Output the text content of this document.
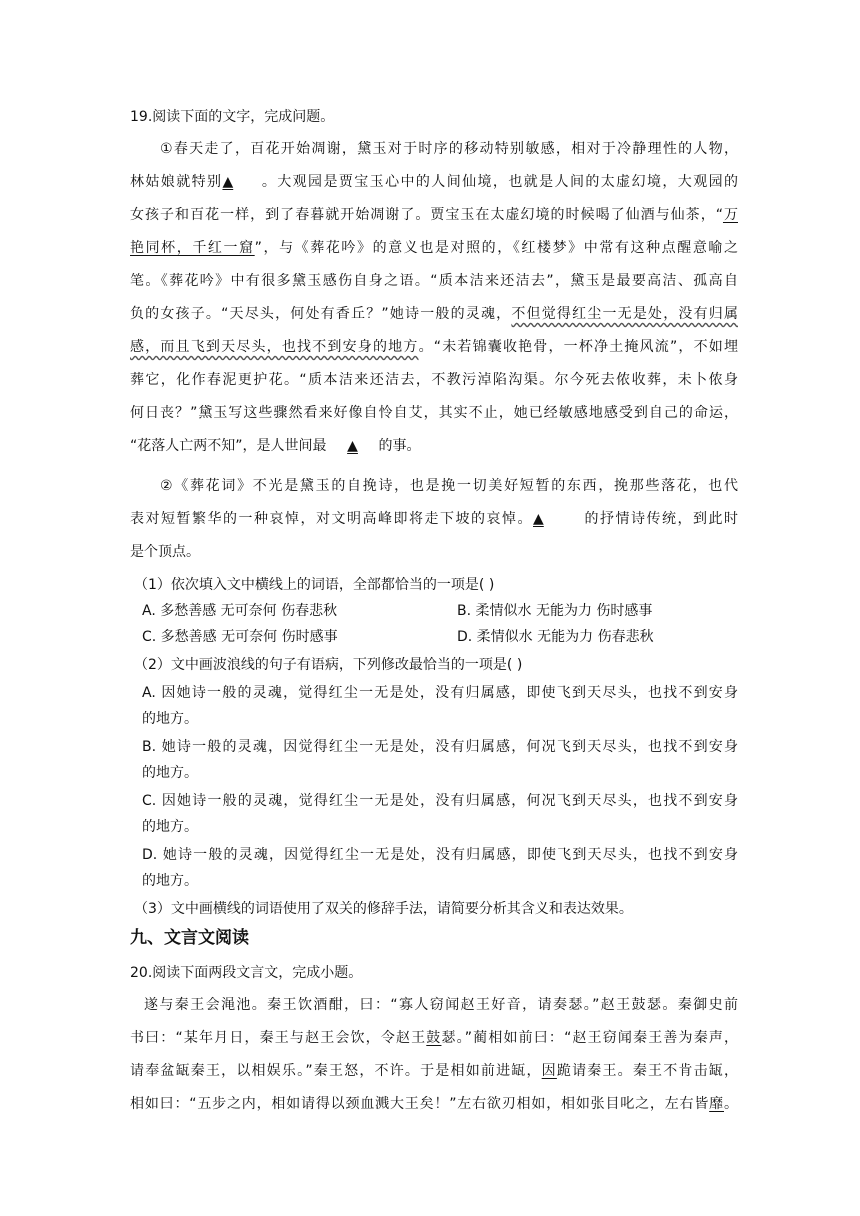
19.阅读下面的文字，完成问题。
①春天走了，百花开始凋谢，黛玉对于时序的移动特别敏感，相对于冷静理性的人物，
林姑娘就特别▲ 。大观园是贾宝玉心中的人间仙境，也就是人间的太虚幻境，大观园的
女孩子和百花一样，到了春暮就开始凋谢了。贾宝玉在太虚幻境的时候喝了仙酒与仙茶，“万
艳同杯，千红一窟”，与《葬花吟》的意义也是对照的，《红楼梦》中常有这种点醒意喻之
笔。《葬花吟》中有很多黛玉感伤自身之语。“质本洁来还洁去”，黛玉是最要高洁、孤高自
负的女孩子。“天尽头，何处有香丘？”她诗一般的灵魂，不但觉得红尘一无是处，没有归属
感，而且飞到天尽头，也找不到安身的地方。“未若锦囊收艳骨，一杯净土掩风流”，不如埋
葬它，化作春泥更护花。“质本洁来还洁去，不教污淖陷沟渠。尔今死去侬收葬，未卜侬身
何日丧？”黛玉写这些骤然看来好像自怜自艾，其实不止，她已经敏感地感受到自己的命运，
“花落人亡两不知”，是人世间最 ▲ 的事。
②《葬花词》不光是黛玉的自挽诗，也是挽一切美好短暂的东西，挽那些落花，也代
表对短暂繁华的一种哀悼，对文明高峰即将走下坡的哀悼。▲	的抒情诗传统，到此时
是个顶点。
（1）依次填入文中横线上的词语，全部都恰当的一项是( )
A. 多愁善感 无可奈何 伤春悲秋	B. 柔情似水 无能为力 伤时感事
C. 多愁善感 无可奈何 伤时感事	D. 柔情似水 无能为力 伤春悲秋
（2）文中画波浪线的句子有语病，下列修改最恰当的一项是( )
A. 因她诗一般的灵魂，觉得红尘一无是处，没有归属感，即使飞到天尽头，也找不到安身
的地方。
B. 她诗一般的灵魂，因觉得红尘一无是处，没有归属感，何况飞到天尽头，也找不到安身
的地方。
C. 因她诗一般的灵魂，觉得红尘一无是处，没有归属感，何况飞到天尽头，也找不到安身
的地方。
D. 她诗一般的灵魂，因觉得红尘一无是处，没有归属感，即使飞到天尽头，也找不到安身
的地方。
（3）文中画横线的词语使用了双关的修辞手法，请简要分析其含义和表达效果。
九、文言文阅读
20.阅读下面两段文言文，完成小题。
遂与秦王会渑池。秦王饮酒酣，曰：“寡人窃闻赵王好音，请奏瑟。”赵王鼓瑟。秦御史前
书曰：“某年月日，秦王与赵王会饮，令赵王鼓瑟。”蔺相如前曰：“赵王窃闻秦王善为秦声，
请奉盆缻秦王，以相娱乐。”秦王怒，不许。于是相如前进缻，因跪请秦王。秦王不肯击缻，
相如曰：“五步之内，相如请得以颈血溅大王矣！”左右欲刃相如，相如张目叱之，左右皆靡。
